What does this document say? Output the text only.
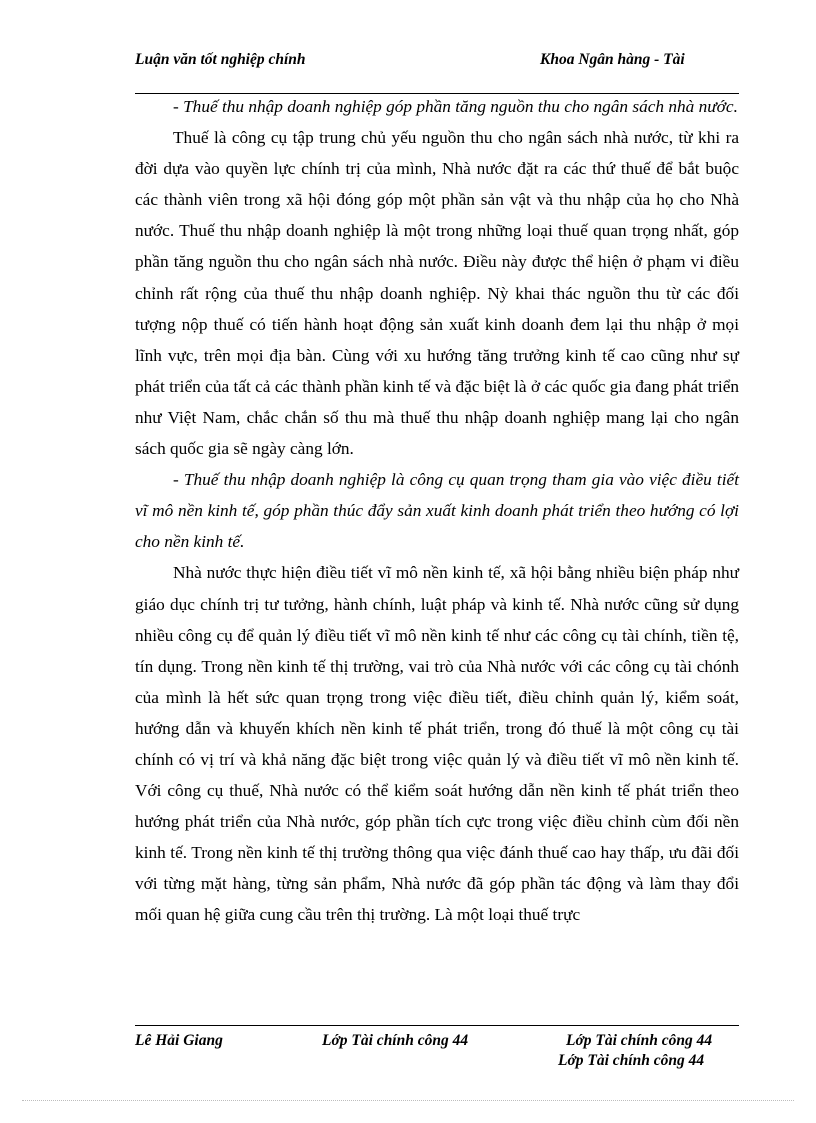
Luận văn tốt nghiệp chính	Khoa Ngân hàng - Tài

- Thuế thu nhập doanh nghiệp góp phần tăng nguồn thu cho ngân sách nhà nước.

Thuế là công cụ tập trung chủ yếu nguồn thu cho ngân sách nhà nước, từ khi ra đời dựa vào quyền lực chính trị của mình, Nhà nước đặt ra các thứ thuế để bắt buộc các thành viên trong xã hội đóng góp một phần sản vật và thu nhập của họ cho Nhà nước. Thuế thu nhập doanh nghiệp là một trong những loại thuế quan trọng nhất, góp phần tăng nguồn thu cho ngân sách nhà nước. Điều này được thể hiện ở phạm vi điều chỉnh rất rộng của thuế thu nhập doanh nghiệp. Nỳ khai thác nguồn thu từ các đối tượng nộp thuế có tiến hành hoạt động sản xuất kinh doanh đem lại thu nhập ở mọi lĩnh vực, trên mọi địa bàn. Cùng với xu hướng tăng trưởng kinh tế cao cũng như sự phát triển của tất cả các thành phần kinh tế và đặc biệt là ở các quốc gia đang phát triển như Việt Nam, chắc chắn số thu mà thuế thu nhập doanh nghiệp mang lại cho ngân sách quốc gia sẽ ngày càng lớn.

- Thuế thu nhập doanh nghiệp là công cụ quan trọng tham gia vào việc điều tiết vĩ mô nền kinh tế, góp phần thúc đẩy sản xuất kinh doanh phát triển theo hướng có lợi cho nền kinh tế.

Nhà nước thực hiện điều tiết vĩ mô nền kinh tế, xã hội bằng nhiều biện pháp như giáo dục chính trị tư tưởng, hành chính, luật pháp và kinh tế. Nhà nước cũng sử dụng nhiều công cụ để quản lý điều tiết vĩ mô nền kinh tế như các công cụ tài chính, tiền tệ, tín dụng. Trong nền kinh tế thị trường, vai trò của Nhà nước với các công cụ tài chónh của mình là hết sức quan trọng trong việc điều tiết, điều chỉnh quản lý, kiểm soát, hướng dẫn và khuyến khích nền kinh tế phát triển, trong đó thuế là một công cụ tài chính có vị trí và khả năng đặc biệt trong việc quản lý và điều tiết vĩ mô nền kinh tế. Với công cụ thuế, Nhà nước có thể kiểm soát hướng dẫn nền kinh tế phát triển theo hướng phát triển của Nhà nước, góp phần tích cực trong việc điều chỉnh cùm đối nền kinh tế. Trong nền kinh tế thị trường thông qua việc đánh thuế cao hay thấp, ưu đãi đối với từng mặt hàng, từng sản phẩm, Nhà nước đã góp phần tác động và làm thay đổi mối quan hệ giữa cung cầu trên thị trường. Là một loại thuế trực

Lê Hải Giang	Lớp Tài chính công 44	Lớp Tài chính công 44
Lớp Tài chính công 44
